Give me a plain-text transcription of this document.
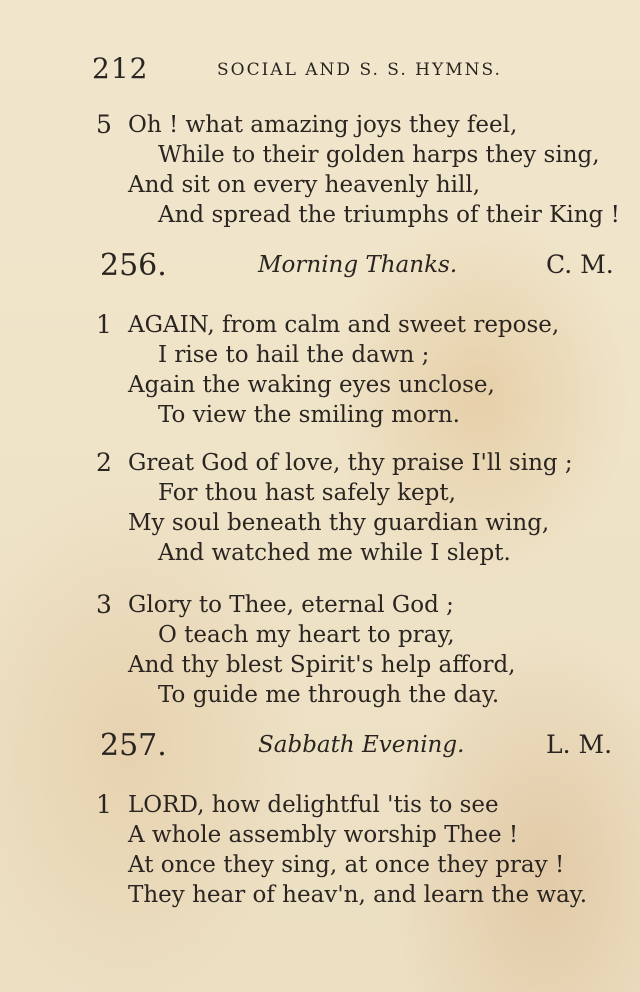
212	SOCIAL AND S. S. HYMNS.
5 Oh ! what amazing joys they feel,
While to their golden harps they sing,
And sit on every heavenly hill,
And spread the triumphs of their King !
256.	Morning Thanks.	C. M.
1 AGAIN, from calm and sweet repose,
I rise to hail the dawn ;
Again the waking eyes unclose,
To view the smiling morn.
2 Great God of love, thy praise I'll sing ;
For thou hast safely kept,
My soul beneath thy guardian wing,
And watched me while I slept.
3 Glory to Thee, eternal God ;
O teach my heart to pray,
And thy blest Spirit's help afford,
To guide me through the day.
257.	Sabbath Evening.	L. M.
1 LORD, how delightful 'tis to see
A whole assembly worship Thee !
At once they sing, at once they pray !
They hear of heav'n, and learn the way.
